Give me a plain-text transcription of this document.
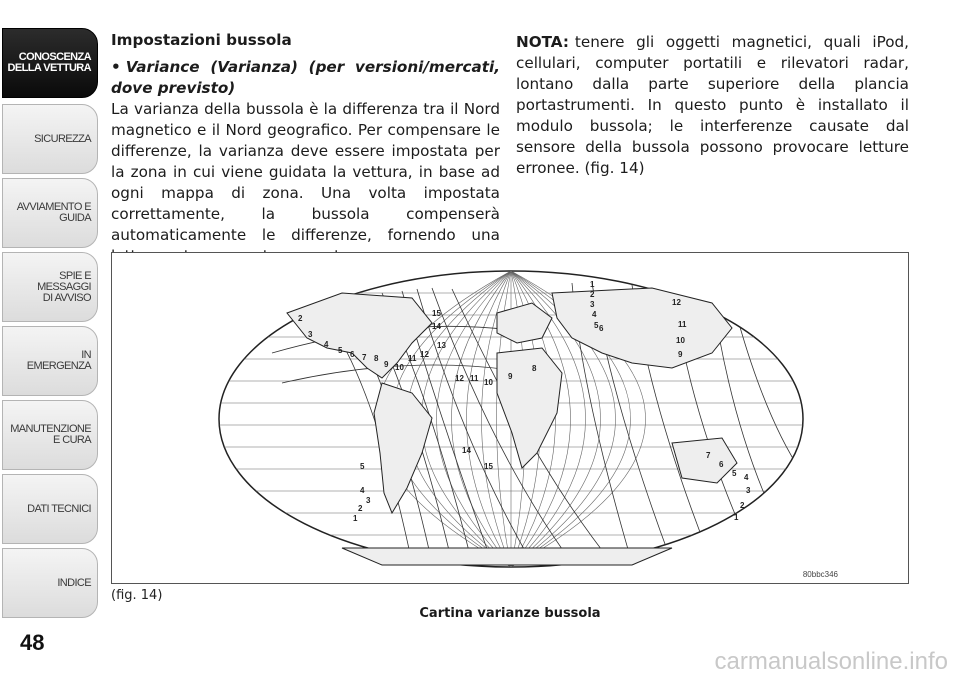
CONOSCENZA
DELLA VETTURA
SICUREZZA
AVVIAMENTO E
GUIDA
SPIE E
MESSAGGI
DI AVVISO
IN
EMERGENZA
MANUTENZIONE
E CURA
DATI TECNICI
INDICE
48

Impostazioni bussola

• Variance (Varianza) (per versioni/mercati, dove previsto)

La varianza della bussola è la differenza tra il Nord magnetico e il Nord geografico. Per compensare le differenze, la varianza deve essere impostata per la zona in cui viene guidata la vettura, in base ad ogni mappa di zona. Una volta impostata correttamente, la bussola compenserà automaticamente le differenze, fornendo una

NOTA: tenere gli oggetti magnetici, quali iPod, cellulari, computer portatili e rilevatori radar, lontano dalla parte superiore della plancia portastrumenti. In questo punto è installato il modulo bussola; le interferenze causate dal sensore della bussola possono provocare letture erronee. (fig. 14)

2
3
4
5 6 7 8
9 10
11 12
13
14
15
12 11 10
9
8
14
15
5
4
3
2
1
1
2
3
4
5 6
12
11
10
9
7
6
5 4
3
2
1
80bbc346
(fig. 14)
Cartina varianze bussola
carmanualsonline.info
